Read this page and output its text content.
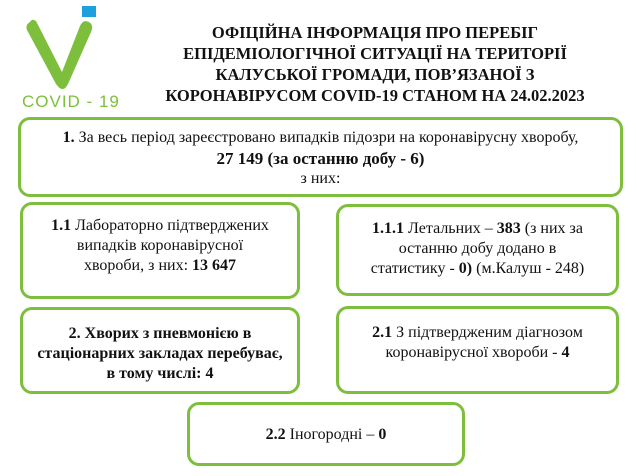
COVID - 19
ОФІЦІЙНА ІНФОРМАЦІЯ ПРО ПЕРЕБІГ
ЕПІДЕМІОЛОГІЧНОЇ СИТУАЦІЇ НА ТЕРИТОРІЇ
КАЛУСЬКОЇ ГРОМАДИ, ПОВ’ЯЗАНОЇ З
КОРОНАВІРУСОМ COVID-19 СТАНОМ НА 24.02.2023
1. За весь період зареєстровано випадків підозри на коронавірусну хворобу,
27 149 (за останню добу - 6)
з них:
1.1 Лабораторно підтверджених
випадків коронавірусної
хвороби, з них: 13 647
1.1.1 Летальних – 383 (з них за
останню добу додано в
статистику - 0) (м.Калуш - 248)
2. Хворих з пневмонією в
стаціонарних закладах перебуває,
в тому числі: 4
2.1 З підтвердженим діагнозом
коронавірусної хвороби - 4
2.2 Іногородні – 0
